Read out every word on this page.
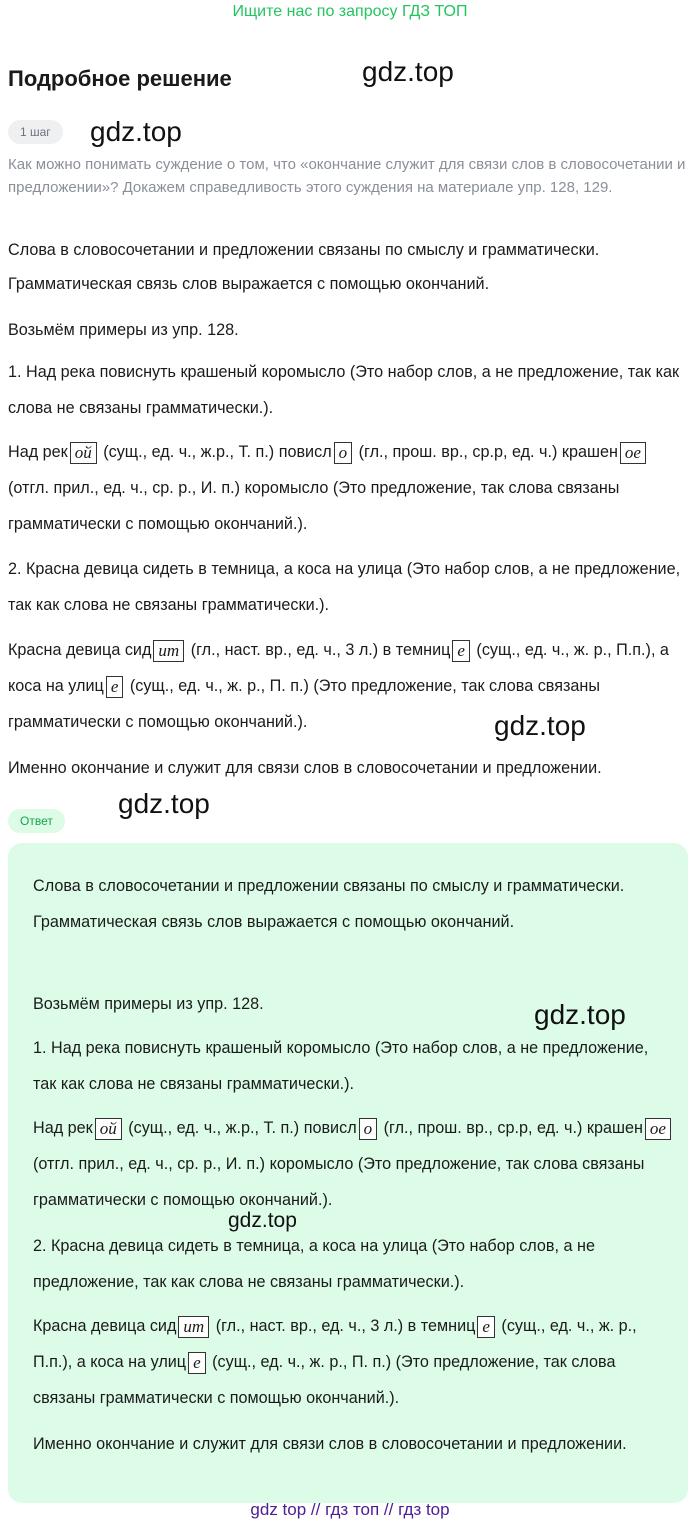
Ищите нас по запросу ГДЗ ТОП
Подробное решение	gdz.top
1 шаг	gdz.top
Как можно понимать суждение о том, что «окончание служит для связи слов в словосочетании и предложении»? Докажем справедливость этого суждения на материале упр. 128, 129.
Слова в словосочетании и предложении связаны по смыслу и грамматически.
Грамматическая связь слов выражается с помощью окончаний.
Возьмём примеры из упр. 128.
1. Над река повиснуть крашеный коромысло (Это набор слов, а не предложение, так как слова не связаны грамматически.).
Над рек ой (сущ., ед. ч., ж.р., Т. п.) повисл о (гл., прош. вр., ср.р, ед. ч.) крашен ое (отгл. прил., ед. ч., ср. р., И. п.) коромысло (Это предложение, так слова связаны грамматически с помощью окончаний.).
2. Красна девица сидеть в темница, а коса на улица (Это набор слов, а не предложение, так как слова не связаны грамматически.).
Красна девица сид ит (гл., наст. вр., ед. ч., 3 л.) в темниц е (сущ., ед. ч., ж. р., П.п.), а коса на улиц е (сущ., ед. ч., ж. р., П. п.) (Это предложение, так слова связаны грамматически с помощью окончаний.).	gdz.top
Именно окончание и служит для связи слов в словосочетании и предложении.
gdz.top
Ответ
Слова в словосочетании и предложении связаны по смыслу и грамматически. Грамматическая связь слов выражается с помощью окончаний.
Возьмём примеры из упр. 128.	gdz.top
1. Над река повиснуть крашеный коромысло (Это набор слов, а не предложение, так как слова не связаны грамматически.).
Над рек ой (сущ., ед. ч., ж.р., Т. п.) повисл о (гл., прош. вр., ср.р, ед. ч.) крашен ое (отгл. прил., ед. ч., ср. р., И. п.) коромысло (Это предложение, так слова связаны грамматически с помощью окончаний.).
gdz.top
2. Красна девица сидеть в темница, а коса на улица (Это набор слов, а не предложение, так как слова не связаны грамматически.).
Красна девица сид ит (гл., наст. вр., ед. ч., 3 л.) в темниц е (сущ., ед. ч., ж. р., П.п.), а коса на улиц е (сущ., ед. ч., ж. р., П. п.) (Это предложение, так слова связаны грамматически с помощью окончаний.).
Именно окончание и служит для связи слов в словосочетании и предложении.
gdz top // гдз топ // гдз top
